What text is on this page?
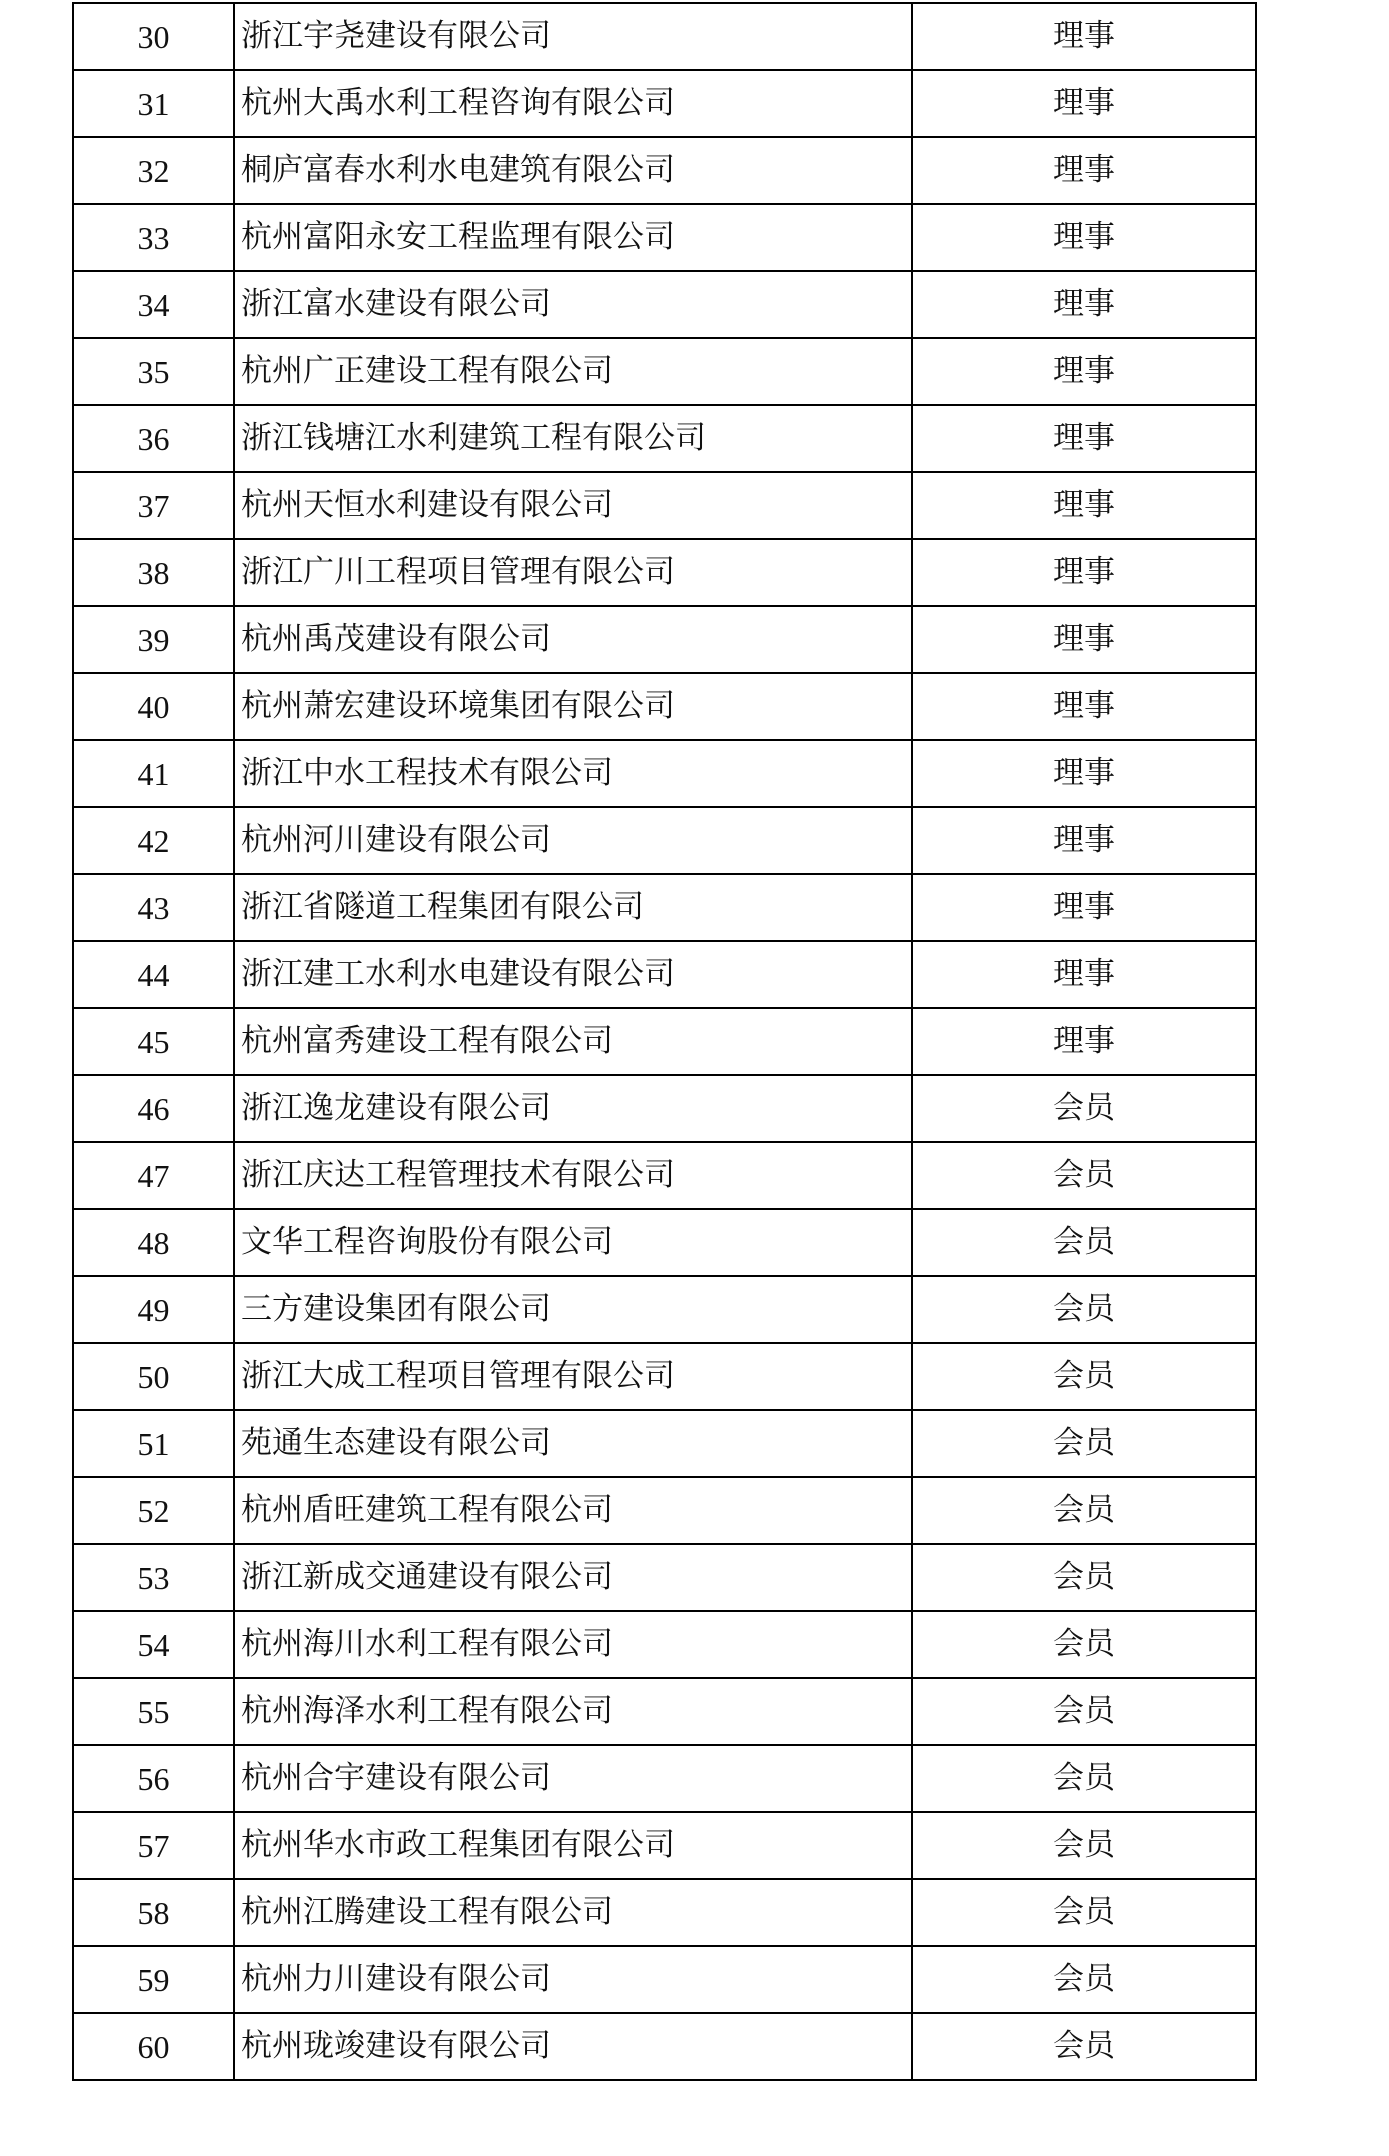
30	浙江宇尧建设有限公司	理事
31	杭州大禹水利工程咨询有限公司	理事
32	桐庐富春水利水电建筑有限公司	理事
33	杭州富阳永安工程监理有限公司	理事
34	浙江富水建设有限公司	理事
35	杭州广正建设工程有限公司	理事
36	浙江钱塘江水利建筑工程有限公司	理事
37	杭州天恒水利建设有限公司	理事
38	浙江广川工程项目管理有限公司	理事
39	杭州禹茂建设有限公司	理事
40	杭州萧宏建设环境集团有限公司	理事
41	浙江中水工程技术有限公司	理事
42	杭州河川建设有限公司	理事
43	浙江省隧道工程集团有限公司	理事
44	浙江建工水利水电建设有限公司	理事
45	杭州富秀建设工程有限公司	理事
46	浙江逸龙建设有限公司	会员
47	浙江庆达工程管理技术有限公司	会员
48	文华工程咨询股份有限公司	会员
49	三方建设集团有限公司	会员
50	浙江大成工程项目管理有限公司	会员
51	苑通生态建设有限公司	会员
52	杭州盾旺建筑工程有限公司	会员
53	浙江新成交通建设有限公司	会员
54	杭州海川水利工程有限公司	会员
55	杭州海泽水利工程有限公司	会员
56	杭州合宇建设有限公司	会员
57	杭州华水市政工程集团有限公司	会员
58	杭州江腾建设工程有限公司	会员
59	杭州力川建设有限公司	会员
60	杭州珑竣建设有限公司	会员
